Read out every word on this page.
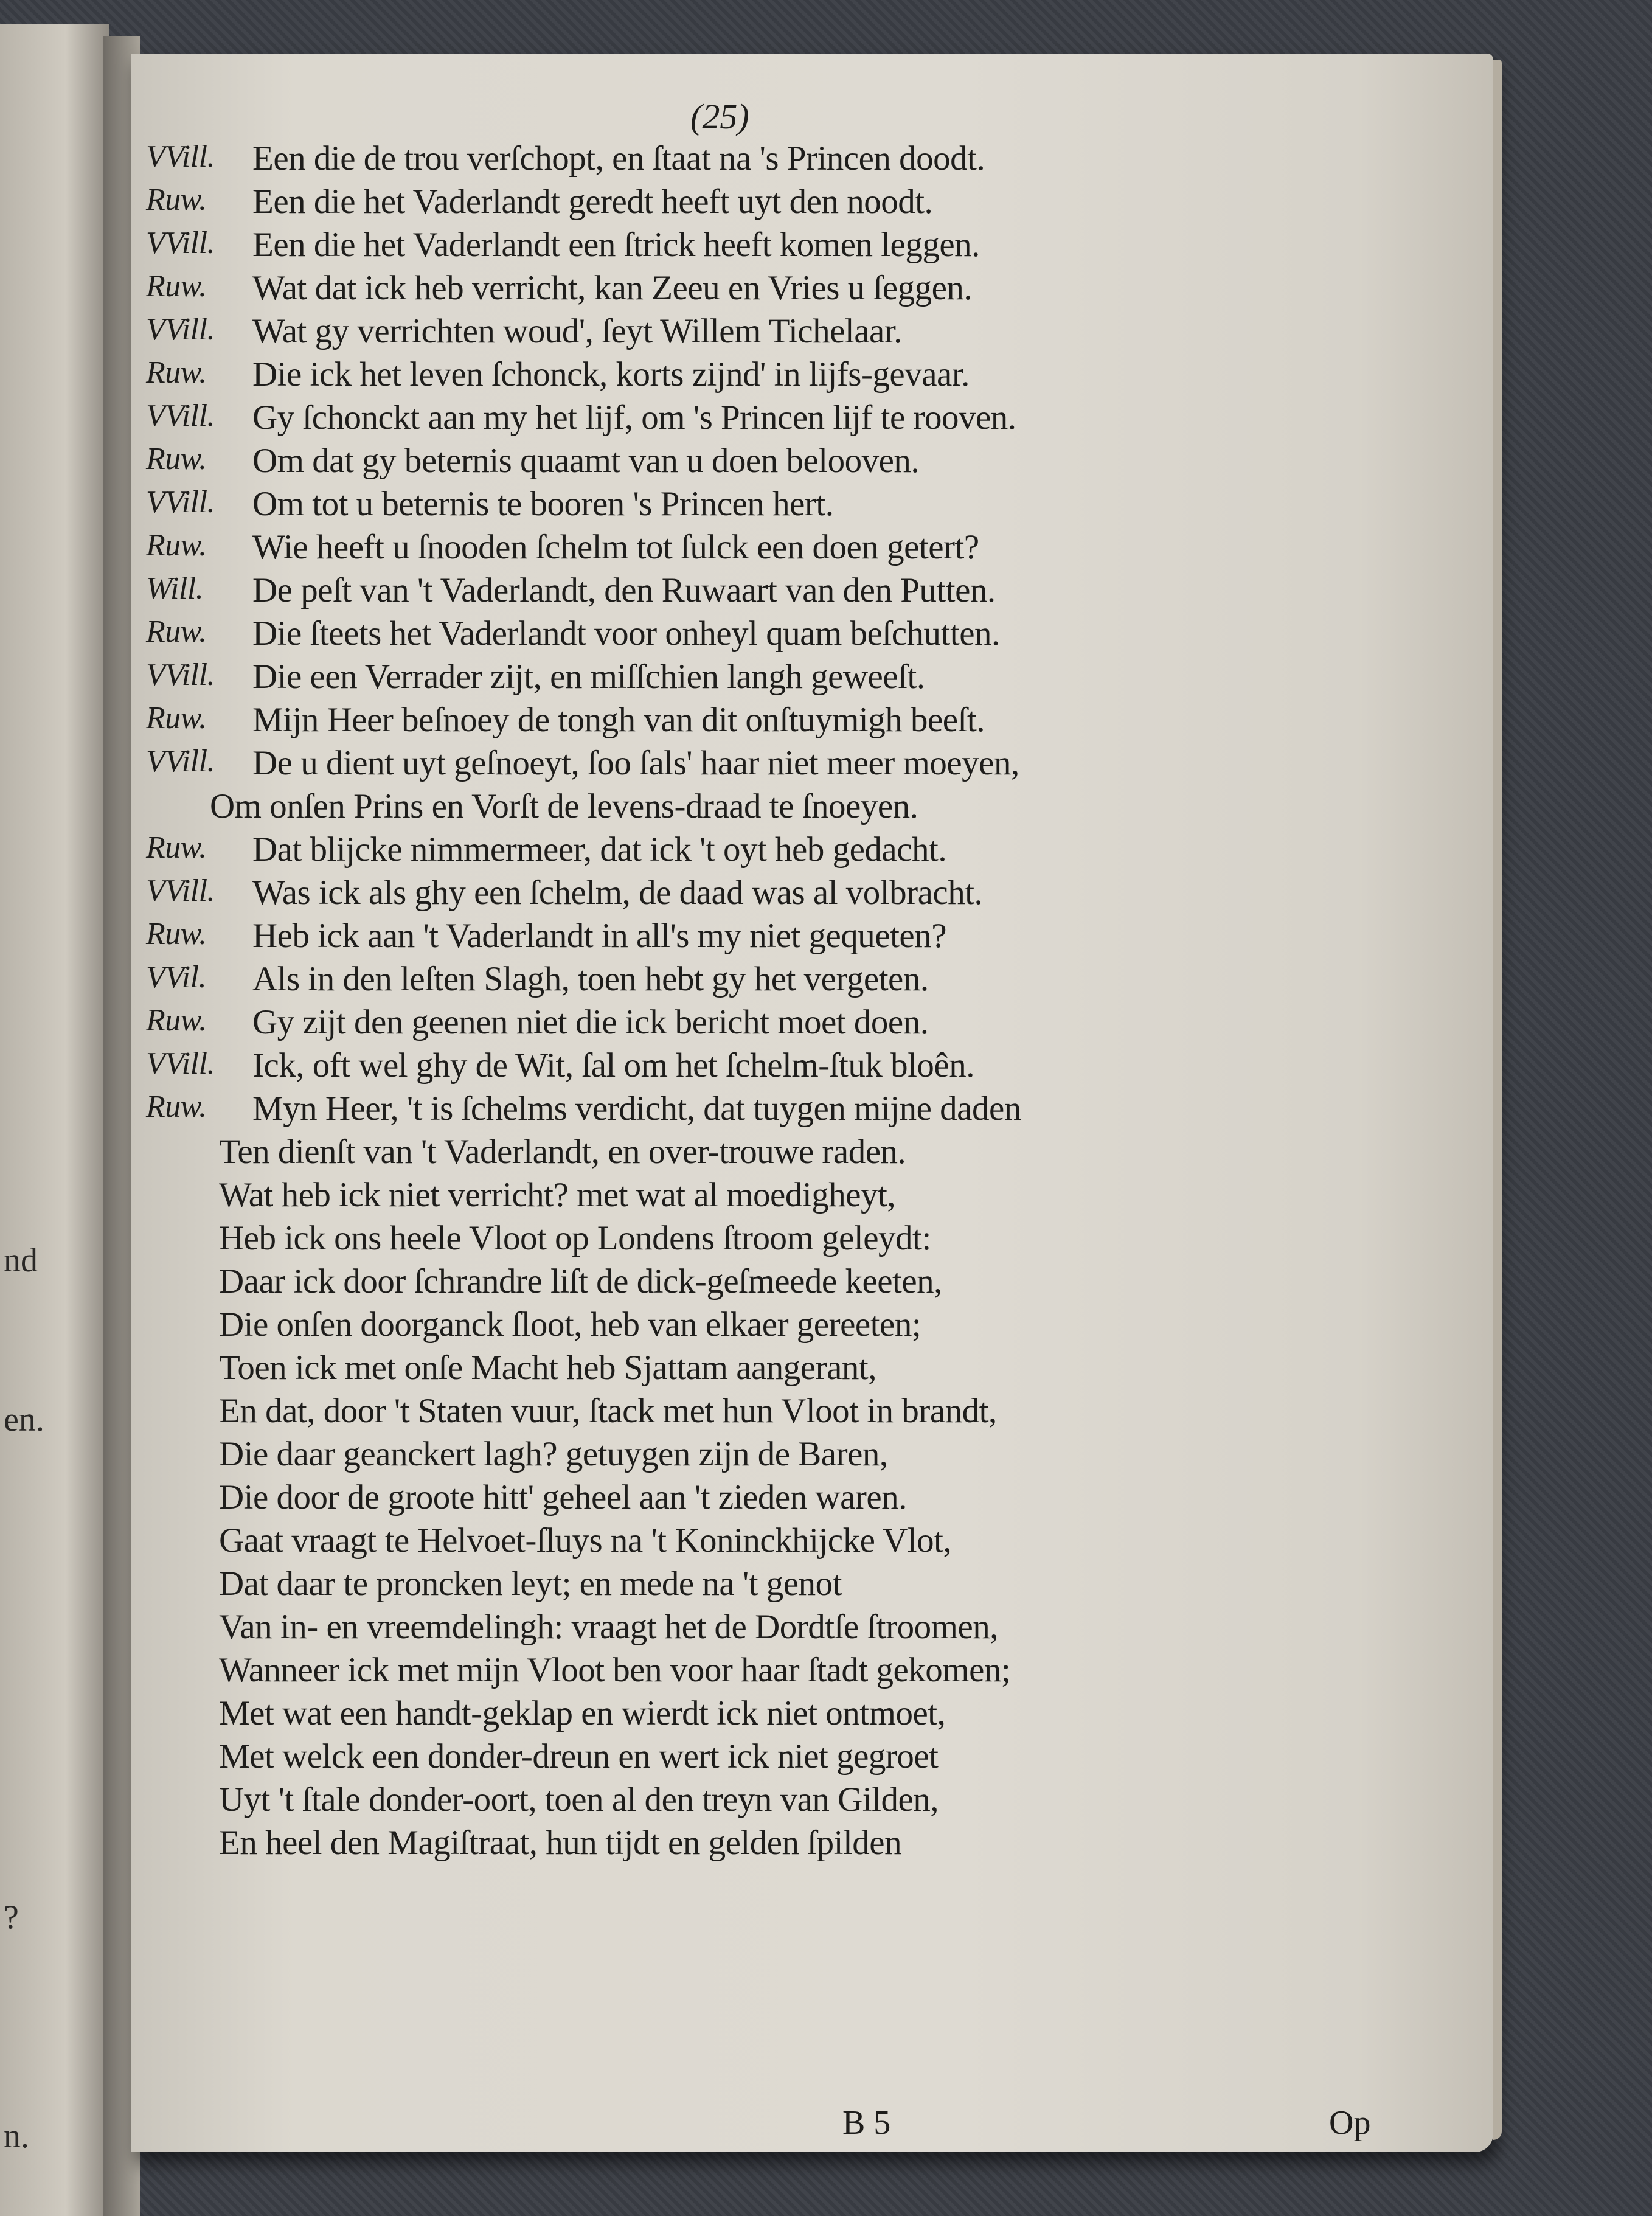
nd
en.
?
n.
(25)
VVill. Een die de trou verſchopt, en ſtaat na 's Princen doodt.
Ruw. Een die het Vaderlandt geredt heeft uyt den noodt.
VVill. Een die het Vaderlandt een ſtrick heeft komen leggen.
Ruw. Wat dat ick heb verricht, kan Zeeu en Vries u ſeggen.
VVill. Wat gy verrichten woud', ſeyt Willem Tichelaar.
Ruw. Die ick het leven ſchonck, korts zijnd' in lijfs-gevaar.
VVill. Gy ſchonckt aan my het lijf, om 's Princen lijf te rooven.
Ruw. Om dat gy beternis quaamt van u doen belooven.
VVill. Om tot u beternis te booren 's Princen hert.
Ruw. Wie heeft u ſnooden ſchelm tot ſulck een doen getert?
Will. De peſt van 't Vaderlandt, den Ruwaart van den Putten.
Ruw. Die ſteets het Vaderlandt voor onheyl quam beſchutten.
VVill. Die een Verrader zijt, en miſſchien langh geweeſt.
Ruw. Mijn Heer beſnoey de tongh van dit onſtuymigh beeſt.
VVill. De u dient uyt geſnoeyt, ſoo ſals' haar niet meer moeyen,
Om onſen Prins en Vorſt de levens-draad te ſnoeyen.
Ruw. Dat blijcke nimmermeer, dat ick 't oyt heb gedacht.
VVill. Was ick als ghy een ſchelm, de daad was al volbracht.
Ruw. Heb ick aan 't Vaderlandt in all's my niet gequeten?
VVil. Als in den leſten Slagh, toen hebt gy het vergeten.
Ruw. Gy zijt den geenen niet die ick bericht moet doen.
VVill. Ick, oft wel ghy de Wit, ſal om het ſchelm-ſtuk bloên.
Ruw. Myn Heer, 't is ſchelms verdicht, dat tuygen mijne daden
Ten dienſt van 't Vaderlandt, en over-trouwe raden.
Wat heb ick niet verricht? met wat al moedigheyt,
Heb ick ons heele Vloot op Londens ſtroom geleydt:
Daar ick door ſchrandre liſt de dick-geſmeede keeten,
Die onſen doorganck ſloot, heb van elkaer gereeten;
Toen ick met onſe Macht heb Sjattam aangerant,
En dat, door 't Staten vuur, ſtack met hun Vloot in brandt,
Die daar geanckert lagh? getuygen zijn de Baren,
Die door de groote hitt' geheel aan 't zieden waren.
Gaat vraagt te Helvoet-ſluys na 't Koninckhijcke Vlot,
Dat daar te proncken leyt; en mede na 't genot
Van in- en vreemdelingh: vraagt het de Dordtſe ſtroomen,
Wanneer ick met mijn Vloot ben voor haar ſtadt gekomen;
Met wat een handt-geklap en wierdt ick niet ontmoet,
Met welck een donder-dreun en wert ick niet gegroet
Uyt 't ſtale donder-oort, toen al den treyn van Gilden,
En heel den Magiſtraat, hun tijdt en gelden ſpilden
B 5	Op
